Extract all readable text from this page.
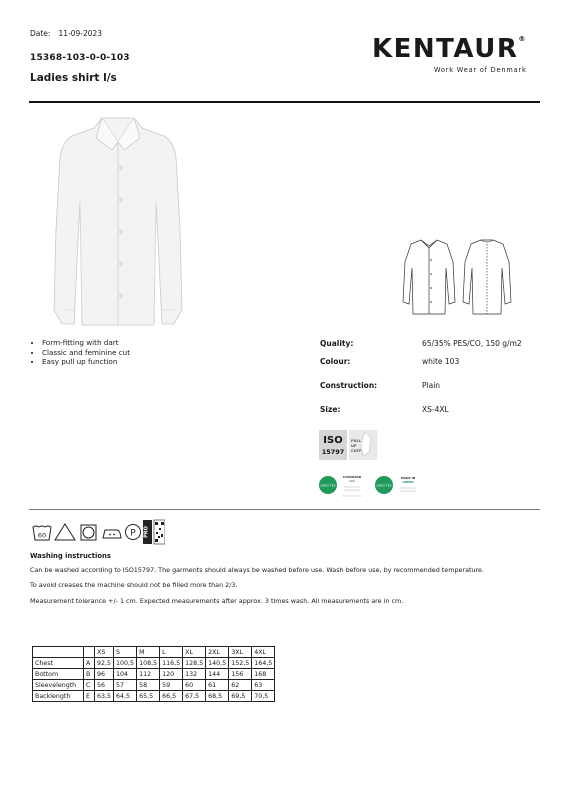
Date: 11-09-2023
15368-103-0-0-103
Ladies shirt l/s
KENTAUR®
Work Wear of Denmark
• Form-fitting with dart
• Classic and feminine cut
• Easy pull up function
Quality:	65/35% PES/CO, 150 g/m2
Colour:	white 103
Construction:	Plain
Size:	XS-4XL
ISO
15797
PULL
UP
CUFF
OEKO TEX
STANDARD
100
OEKO TEX
MADE IN
GREEN
60	P PRO
Washing instructions
Can be washed according to ISO15797. The garments should always be washed before use. Wash before use, by recommended temperature.
To avoid creases the machine should not be filled more than 2/3.
Measurement tolerance +/- 1 cm. Expected measurements after approx. 3 times wash. All measurements are in cm.
		XS	S	M	L	XL	2XL	3XL	4XL
Chest	A	92,5	100,5	108,5	116,5	128,5	140,5	152,5	164,5
Bottom	B	96	104	112	120	132	144	156	168
Sleevelength	C	56	57	58	59	60	61	62	63
Backlength	E	63,5	64,5	65,5	66,5	67,5	68,5	69,5	70,5
